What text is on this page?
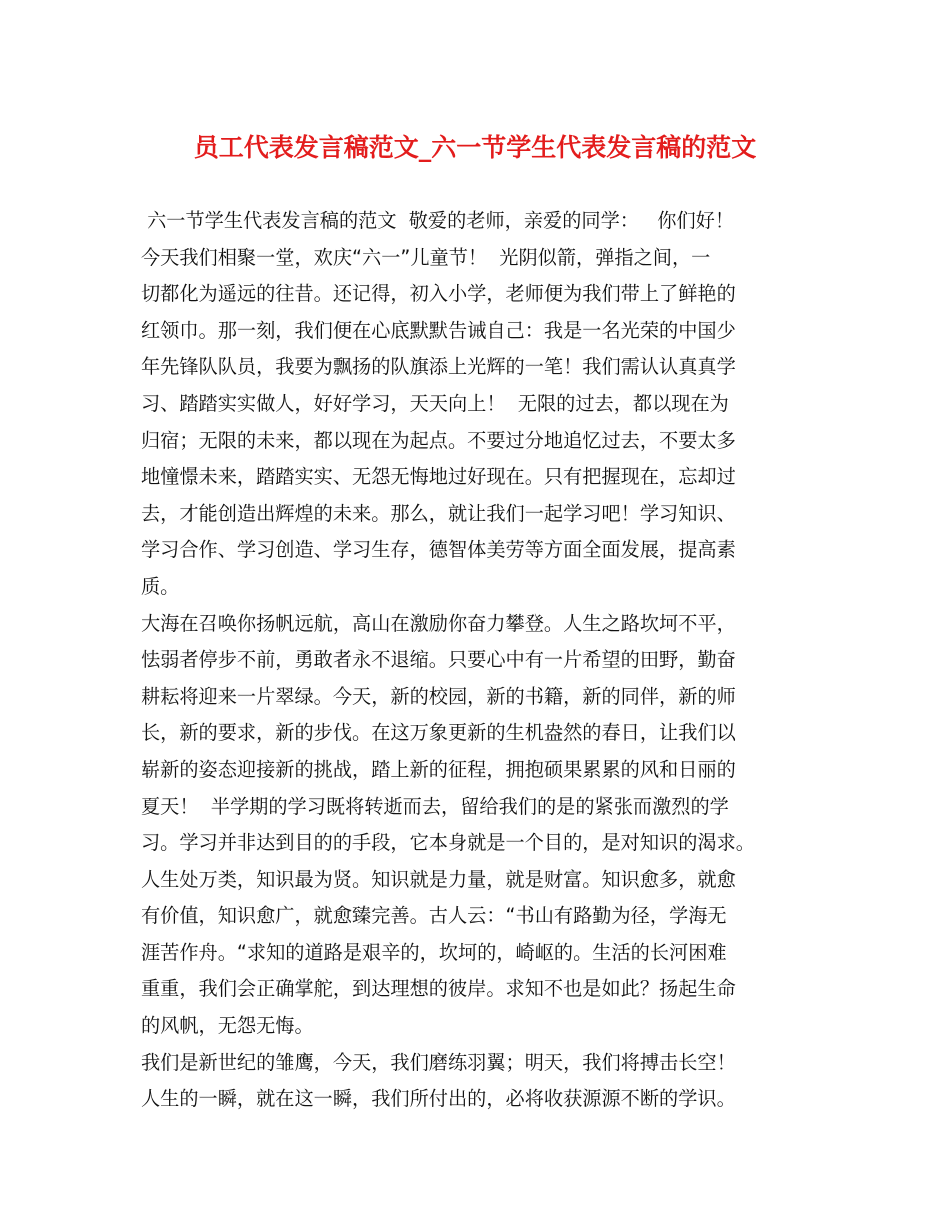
员工代表发言稿范文_六一节学生代表发言稿的范文
六一节学生代表发言稿的范文  敬爱的老师，亲爱的同学：   你们好！
今天我们相聚一堂，欢庆“六一”儿童节！  光阴似箭，弹指之间，一
切都化为遥远的往昔。还记得，初入小学，老师便为我们带上了鲜艳的
红领巾。那一刻，我们便在心底默默告诫自己：我是一名光荣的中国少
年先锋队队员，我要为飘扬的队旗添上光辉的一笔！我们需认认真真学
习、踏踏实实做人，好好学习，天天向上！  无限的过去，都以现在为
归宿；无限的未来，都以现在为起点。不要过分地追忆过去，不要太多
地憧憬未来，踏踏实实、无怨无悔地过好现在。只有把握现在，忘却过
去，才能创造出辉煌的未来。那么，就让我们一起学习吧！学习知识、
学习合作、学习创造、学习生存，德智体美劳等方面全面发展，提高素
质。
大海在召唤你扬帆远航，高山在激励你奋力攀登。人生之路坎坷不平，
怯弱者停步不前，勇敢者永不退缩。只要心中有一片希望的田野，勤奋
耕耘将迎来一片翠绿。今天，新的校园，新的书籍，新的同伴，新的师
长，新的要求，新的步伐。在这万象更新的生机盎然的春日，让我们以
崭新的姿态迎接新的挑战，踏上新的征程，拥抱硕果累累的风和日丽的
夏天！  半学期的学习既将转逝而去，留给我们的是的紧张而激烈的学
习。学习并非达到目的的手段，它本身就是一个目的，是对知识的渴求。
人生处万类，知识最为贤。知识就是力量，就是财富。知识愈多，就愈
有价值，知识愈广，就愈臻完善。古人云：“书山有路勤为径，学海无
涯苦作舟。“求知的道路是艰辛的，坎坷的，崎岖的。生活的长河困难
重重，我们会正确掌舵，到达理想的彼岸。求知不也是如此？扬起生命
的风帆，无怨无悔。
我们是新世纪的雏鹰，今天，我们磨练羽翼；明天，我们将搏击长空！
人生的一瞬，就在这一瞬，我们所付出的，必将收获源源不断的学识。
